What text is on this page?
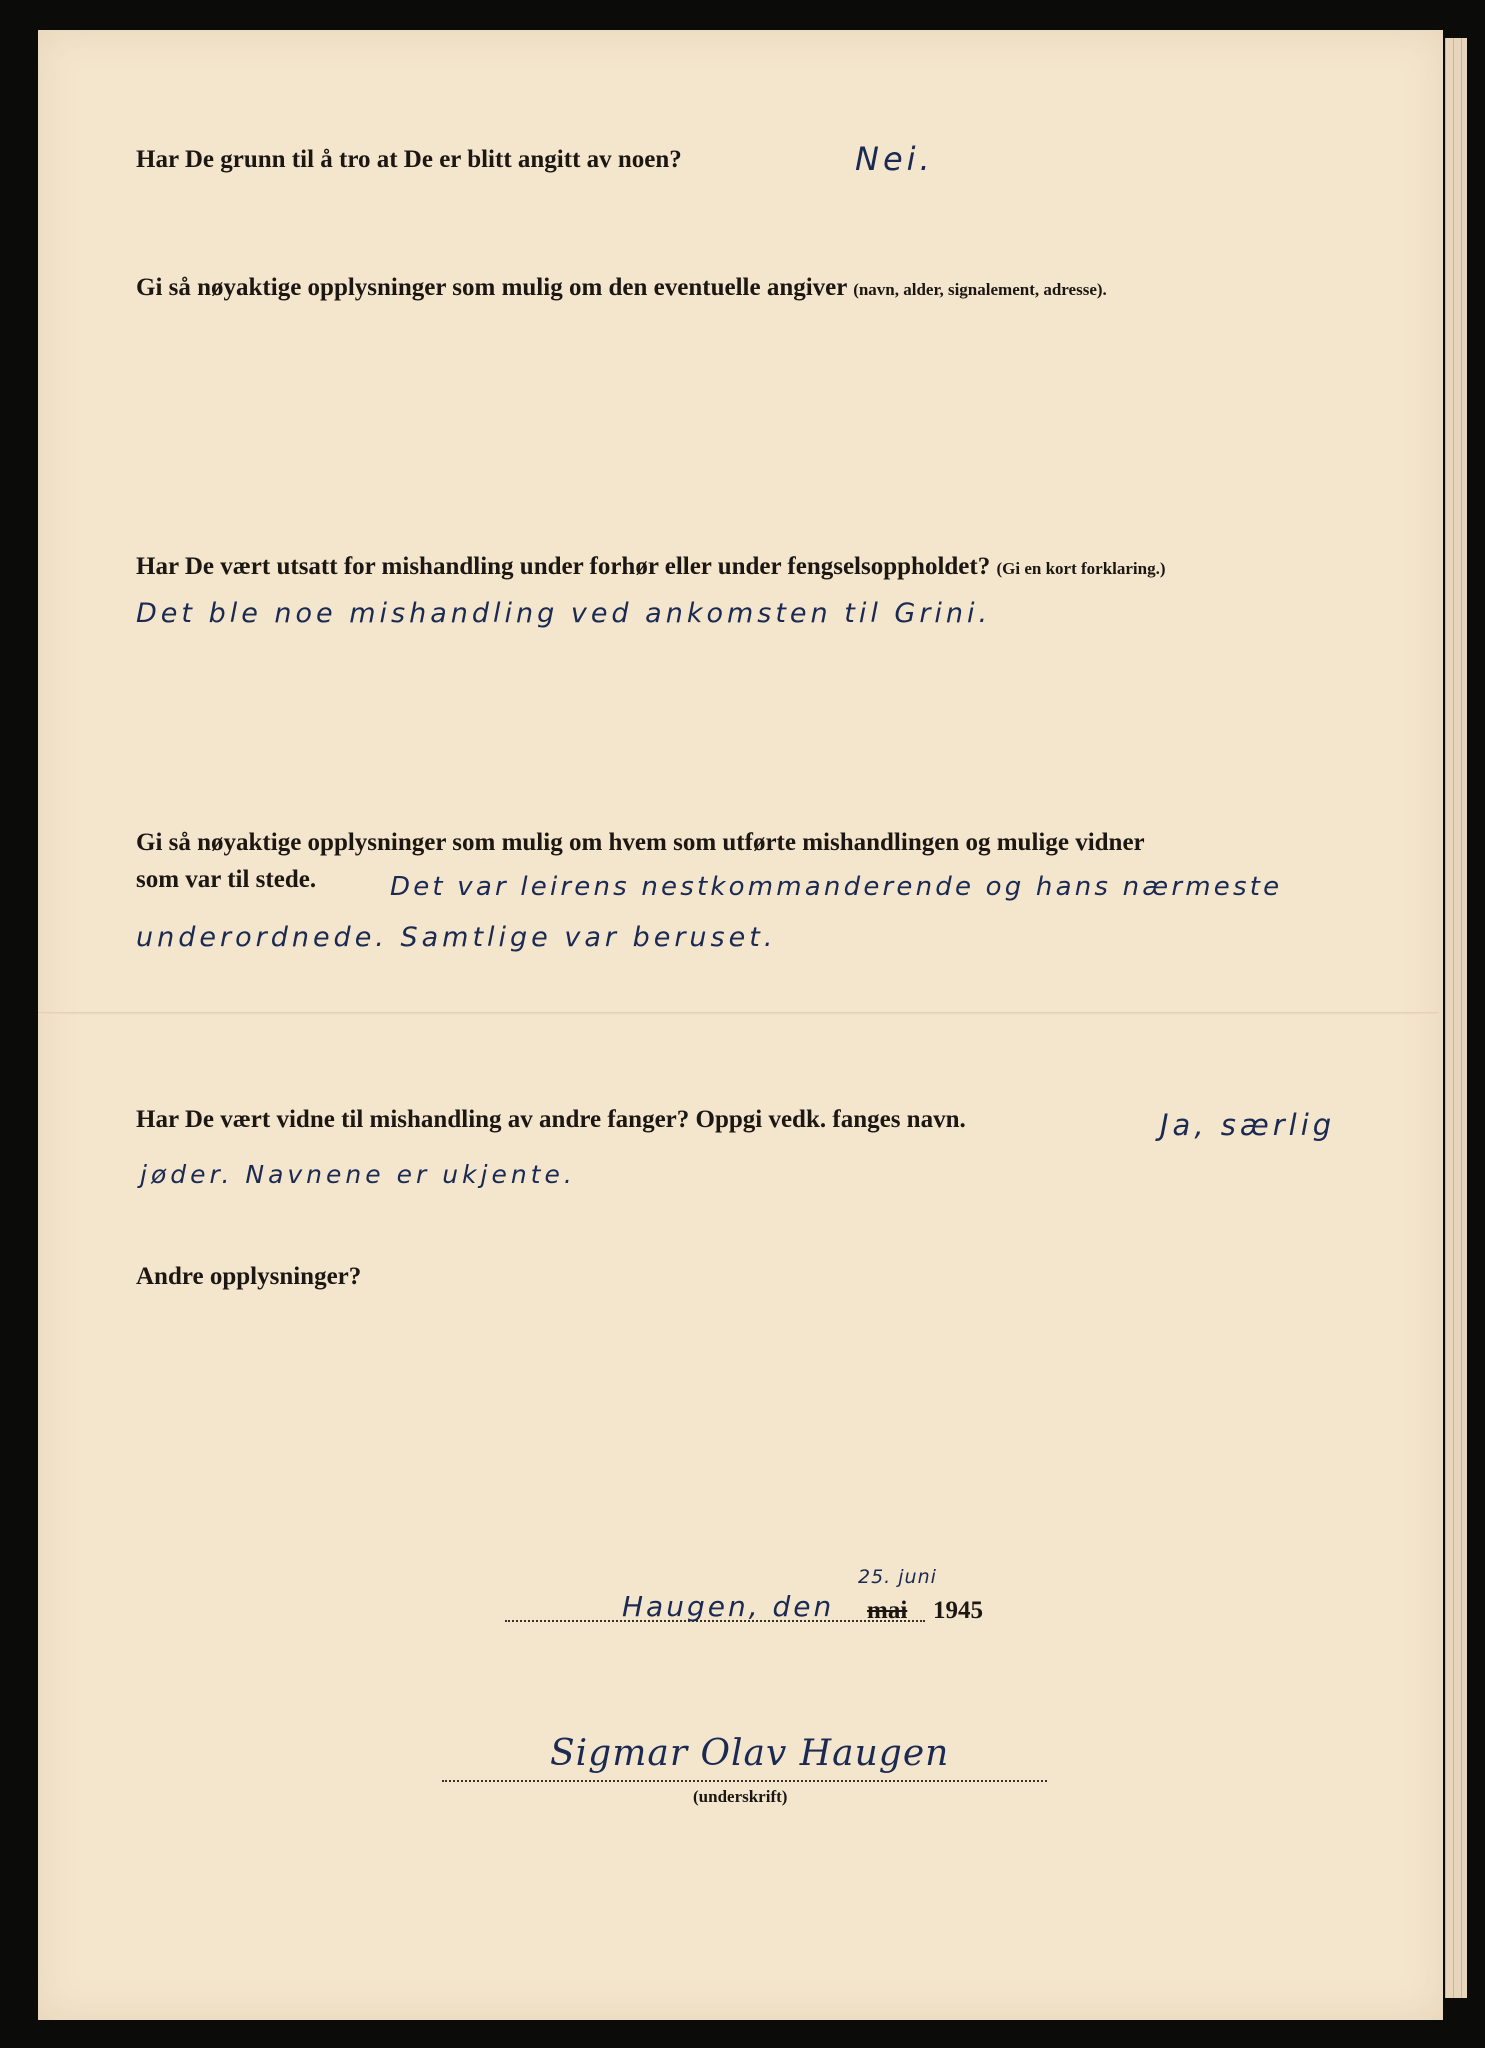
Har De grunn til å tro at De er blitt angitt av noen?	Nei.

Gi så nøyaktige opplysninger som mulig om den eventuelle angiver (navn, alder, signalement, adresse).

Har De vært utsatt for mishandling under forhør eller under fengselsoppholdet? (Gi en kort forklaring.)

Det ble noe mishandling ved ankomsten til Grini.

Gi så nøyaktige opplysninger som mulig om hvem som utførte mishandlingen og mulige vidner

som var til stede.	Det var leirens nestkommanderende og hans nærmeste

underordnede. Samtlige var beruset.

Har De vært vidne til mishandling av andre fanger? Oppgi vedk. fanges navn.	Ja, særlig

jøder. Navnene er ukjente.

Andre opplysninger?

Haugen, den
25. juni
mai 1945
Sigmar Olav Haugen
(underskrift)
